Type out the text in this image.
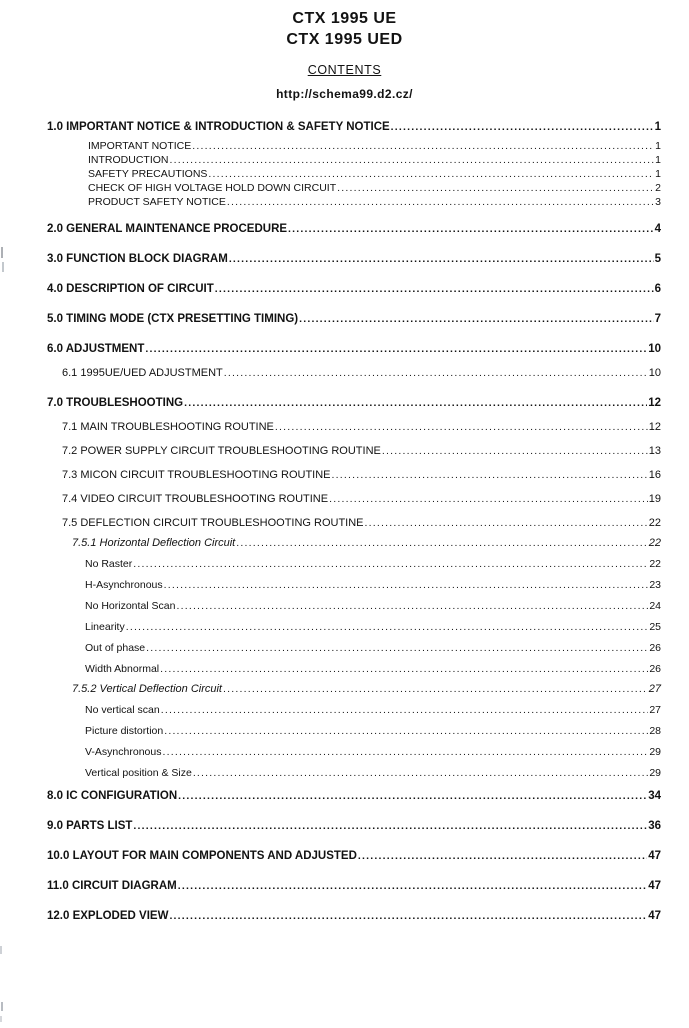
CTX 1995 UE
CTX 1995 UED
CONTENTS
http://schema99.d2.cz/
1.0 IMPORTANT NOTICE & INTRODUCTION & SAFETY NOTICE .....	1
IMPORTANT NOTICE .....	1
INTRODUCTION .....	1
SAFETY PRECAUTIONS .....	1
CHECK OF HIGH VOLTAGE HOLD DOWN CIRCUIT .....	2
PRODUCT SAFETY NOTICE .....	3
2.0 GENERAL MAINTENANCE PROCEDURE .....	4
3.0 FUNCTION BLOCK DIAGRAM .....	5
4.0 DESCRIPTION OF CIRCUIT .....	6
5.0 TIMING MODE (CTX PRESETTING TIMING) .....	7
6.0 ADJUSTMENT .....	10
6.1 1995UE/UED ADJUSTMENT .....	10
7.0 TROUBLESHOOTING .....	12
7.1 MAIN TROUBLESHOOTING ROUTINE .....	12
7.2 POWER SUPPLY CIRCUIT TROUBLESHOOTING ROUTINE .....	13
7.3 MICON CIRCUIT TROUBLESHOOTING ROUTINE .....	16
7.4 VIDEO CIRCUIT TROUBLESHOOTING ROUTINE .....	19
7.5 DEFLECTION CIRCUIT TROUBLESHOOTING ROUTINE .....	22
7.5.1 Horizontal Deflection Circuit .....	22
No Raster .....	22
H-Asynchronous .....	23
No Horizontal Scan .....	24
Linearity .....	25
Out of phase .....	26
Width Abnormal .....	26
7.5.2 Vertical Deflection Circuit .....	27
No vertical scan .....	27
Picture distortion .....	28
V-Asynchronous .....	29
Vertical position & Size .....	29
8.0 IC CONFIGURATION .....	34
9.0 PARTS LIST .....	36
10.0 LAYOUT FOR MAIN COMPONENTS AND ADJUSTED .....	47
11.0 CIRCUIT DIAGRAM .....	47
12.0 EXPLODED VIEW .....	47
